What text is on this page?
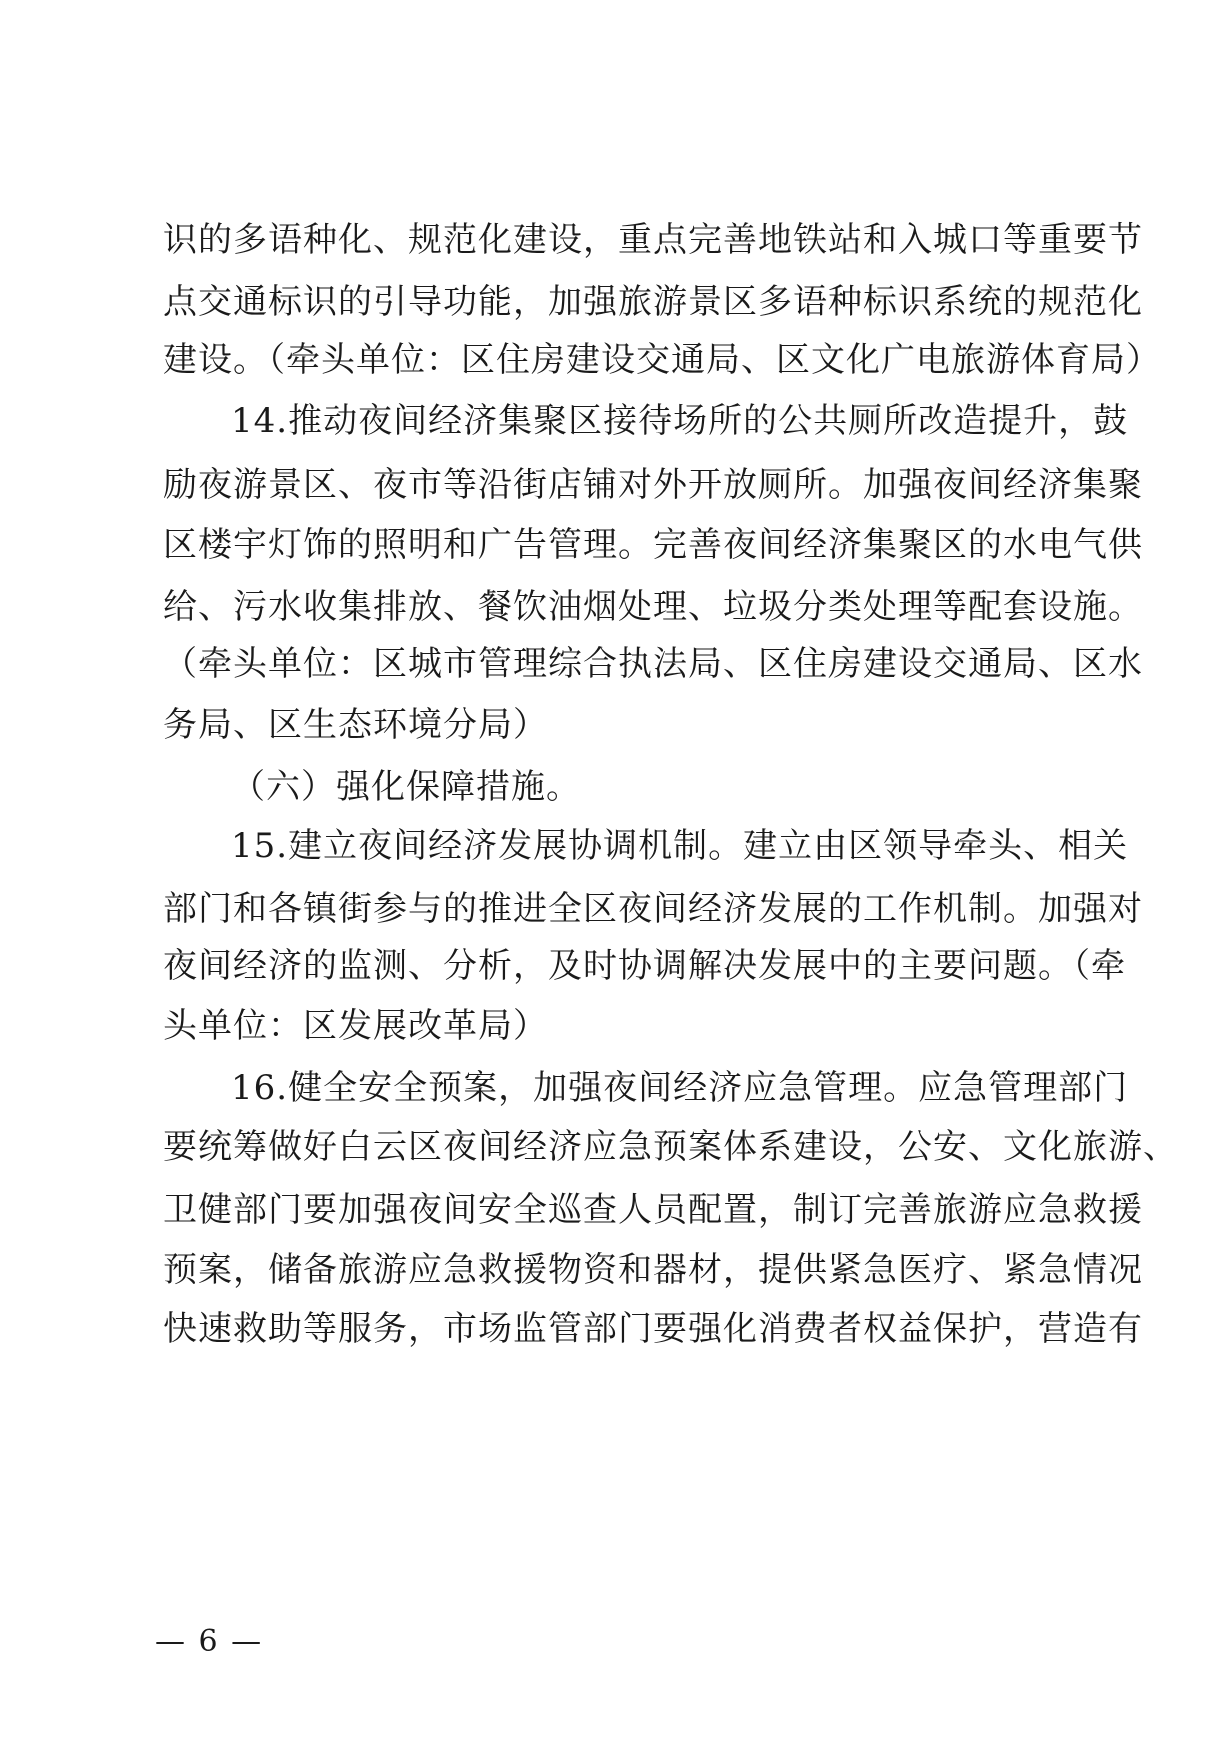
识的多语种化、规范化建设，重点完善地铁站和入城口等重要节
点交通标识的引导功能，加强旅游景区多语种标识系统的规范化
建设。（牵头单位：区住房建设交通局、区文化广电旅游体育局）
14.推动夜间经济集聚区接待场所的公共厕所改造提升，鼓
励夜游景区、夜市等沿街店铺对外开放厕所。加强夜间经济集聚
区楼宇灯饰的照明和广告管理。完善夜间经济集聚区的水电气供
给、污水收集排放、餐饮油烟处理、垃圾分类处理等配套设施。
（牵头单位：区城市管理综合执法局、区住房建设交通局、区水
务局、区生态环境分局）
（六）强化保障措施。
15.建立夜间经济发展协调机制。建立由区领导牵头、相关
部门和各镇街参与的推进全区夜间经济发展的工作机制。加强对
夜间经济的监测、分析，及时协调解决发展中的主要问题。（牵
头单位：区发展改革局）
16.健全安全预案，加强夜间经济应急管理。应急管理部门
要统筹做好白云区夜间经济应急预案体系建设，公安、文化旅游、
卫健部门要加强夜间安全巡查人员配置，制订完善旅游应急救援
预案，储备旅游应急救援物资和器材，提供紧急医疗、紧急情况
快速救助等服务，市场监管部门要强化消费者权益保护，营造有
— 6 —
